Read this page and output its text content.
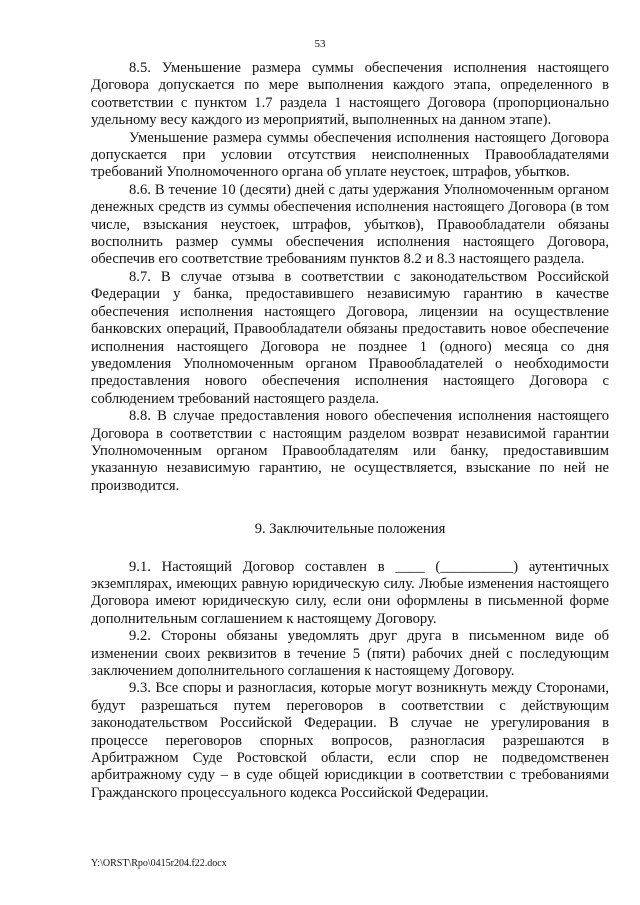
53

8.5. Уменьшение размера суммы обеспечения исполнения настоящего Договора допускается по мере выполнения каждого этапа, определенного в соответствии с пунктом 1.7 раздела 1 настоящего Договора (пропорционально удельному весу каждого из мероприятий, выполненных на данном этапе).

Уменьшение размера суммы обеспечения исполнения настоящего Договора допускается при условии отсутствия неисполненных Правообладателями требований Уполномоченного органа об уплате неустоек, штрафов, убытков.

8.6. В течение 10 (десяти) дней с даты удержания Уполномоченным органом денежных средств из суммы обеспечения исполнения настоящего Договора (в том числе, взыскания неустоек, штрафов, убытков), Правообладатели обязаны восполнить размер суммы обеспечения исполнения настоящего Договора, обеспечив его соответствие требованиям пунктов 8.2 и 8.3 настоящего раздела.

8.7. В случае отзыва в соответствии с законодательством Российской Федерации у банка, предоставившего независимую гарантию в качестве обеспечения исполнения настоящего Договора, лицензии на осуществление банковских операций, Правообладатели обязаны предоставить новое обеспечение исполнения настоящего Договора не позднее 1 (одного) месяца со дня уведомления Уполномоченным органом Правообладателей о необходимости предоставления нового обеспечения исполнения настоящего Договора с соблюдением требований настоящего раздела.

8.8. В случае предоставления нового обеспечения исполнения настоящего Договора в соответствии с настоящим разделом возврат независимой гарантии Уполномоченным органом Правообладателям или банку, предоставившим указанную независимую гарантию, не осуществляется, взыскание по ней не производится.

9. Заключительные положения

9.1. Настоящий Договор составлен в ____ (__________) аутентичных экземплярах, имеющих равную юридическую силу. Любые изменения настоящего Договора имеют юридическую силу, если они оформлены в письменной форме дополнительным соглашением к настоящему Договору.

9.2. Стороны обязаны уведомлять друг друга в письменном виде об изменении своих реквизитов в течение 5 (пяти) рабочих дней с последующим заключением дополнительного соглашения к настоящему Договору.

9.3. Все споры и разногласия, которые могут возникнуть между Сторонами, будут разрешаться путем переговоров в соответствии с действующим законодательством Российской Федерации. В случае не урегулирования в процессе переговоров спорных вопросов, разногласия разрешаются в Арбитражном Суде Ростовской области, если спор не подведомственен арбитражному суду – в суде общей юрисдикции в соответствии с требованиями Гражданского процессуального кодекса Российской Федерации.

Y:\ORST\Rpo\0415r204.f22.docx
